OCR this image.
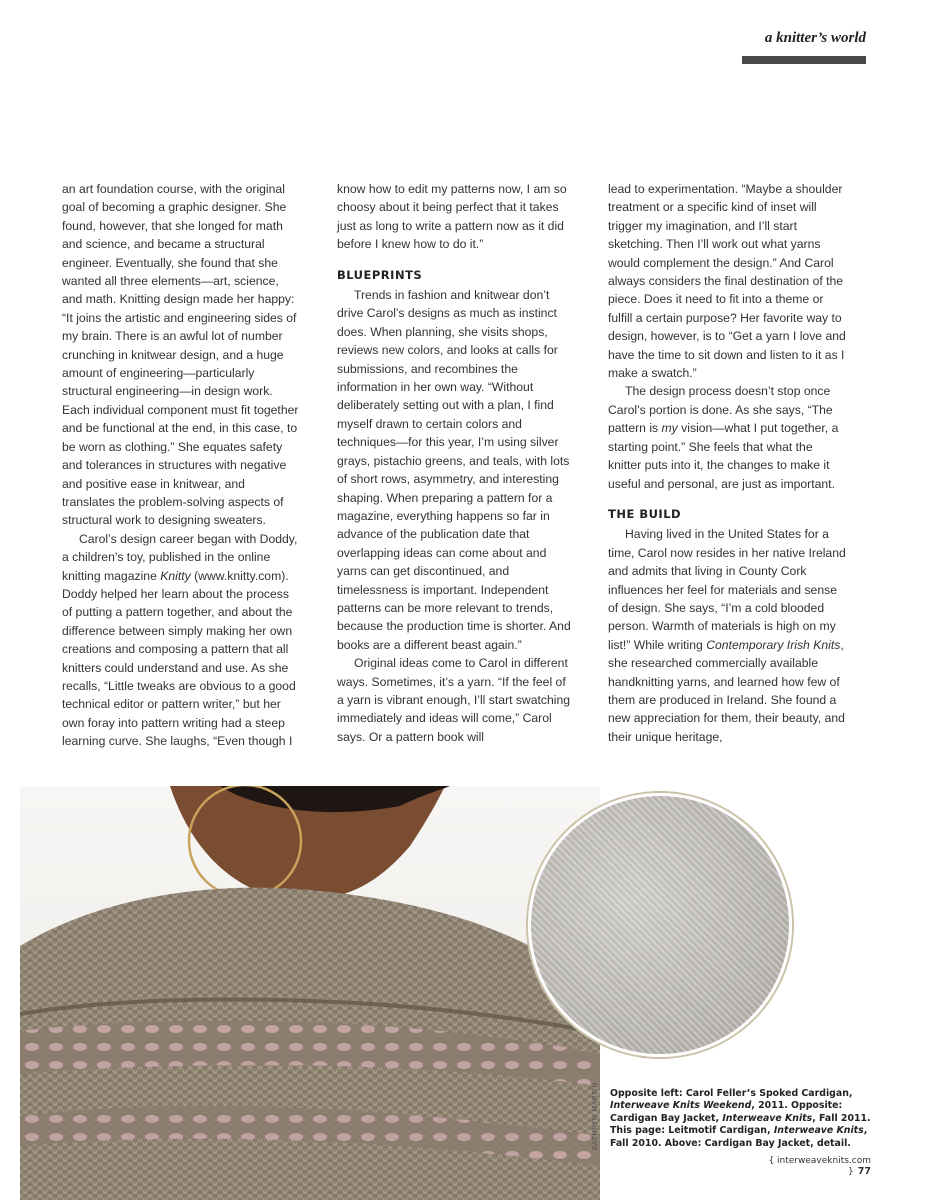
a knitter’s world

an art foundation course, with the original goal of becoming a graphic designer. She found, however, that she longed for math and science, and became a structural engineer. Eventually, she found that she wanted all three elements—art, science, and math. Knitting design made her happy: “It joins the artistic and engineering sides of my brain. There is an awful lot of number crunching in knitwear design, and a huge amount of engineering—particularly structural engineering—in design work. Each individual component must fit together and be functional at the end, in this case, to be worn as clothing.” She equates safety and tolerances in structures with negative and positive ease in knitwear, and translates the problem-solving aspects of structural work to designing sweaters.

Carol’s design career began with Doddy, a children’s toy, published in the online knitting magazine Knitty (www.knitty.com). Doddy helped her learn about the process of putting a pattern together, and about the difference between simply making her own creations and composing a pattern that all knitters could understand and use. As she recalls, “Little tweaks are obvious to a good technical editor or pattern writer,” but her own foray into pattern writing had a steep learning curve. She laughs, “Even though I

know how to edit my patterns now, I am so choosy about it being perfect that it takes just as long to write a pattern now as it did before I knew how to do it.”

BLUEPRINTS

Trends in fashion and knitwear don’t drive Carol’s designs as much as instinct does. When planning, she visits shops, reviews new colors, and looks at calls for submissions, and recombines the information in her own way. “Without deliberately setting out with a plan, I find myself drawn to certain colors and techniques—for this year, I’m using silver grays, pistachio greens, and teals, with lots of short rows, asymmetry, and interesting shaping. When preparing a pattern for a magazine, everything happens so far in advance of the publication date that overlapping ideas can come about and yarns can get discontinued, and timelessness is important. Independent patterns can be more relevant to trends, because the production time is shorter. And books are a different beast again.”

Original ideas come to Carol in different ways. Sometimes, it’s a yarn. “If the feel of a yarn is vibrant enough, I’ll start swatching immediately and ideas will come,” Carol says. Or a pattern book will

lead to experimentation. “Maybe a shoulder treatment or a specific kind of inset will trigger my imagination, and I’ll start sketching. Then I’ll work out what yarns would complement the design.” And Carol always considers the final destination of the piece. Does it need to fit into a theme or fulfill a certain purpose? Her favorite way to design, however, is to “Get a yarn I love and have the time to sit down and listen to it as I make a swatch.”

The design process doesn’t stop once Carol’s portion is done. As she says, “The pattern is my vision—what I put together, a starting point.” She feels that what the knitter puts into it, the changes to make it useful and personal, are just as important.

THE BUILD

Having lived in the United States for a time, Carol now resides in her native Ireland and admits that living in County Cork influences her feel for materials and sense of design. She says, “I’m a cold blooded person. Warmth of materials is high on my list!” While writing Contemporary Irish Knits, she researched commercially available handknitting yarns, and learned how few of them are produced in Ireland. She found a new appreciation for them, their beauty, and their unique heritage,

KATHRYN MARTIN Opposite left: Carol Feller’s Spoked Cardigan, Interweave Knits Weekend, 2011. Opposite: Cardigan Bay Jacket, Interweave Knits, Fall 2011. This page: Leitmotif Cardigan, Interweave Knits, Fall 2010. Above: Cardigan Bay Jacket, detail.
{ interweaveknits.com } 77
